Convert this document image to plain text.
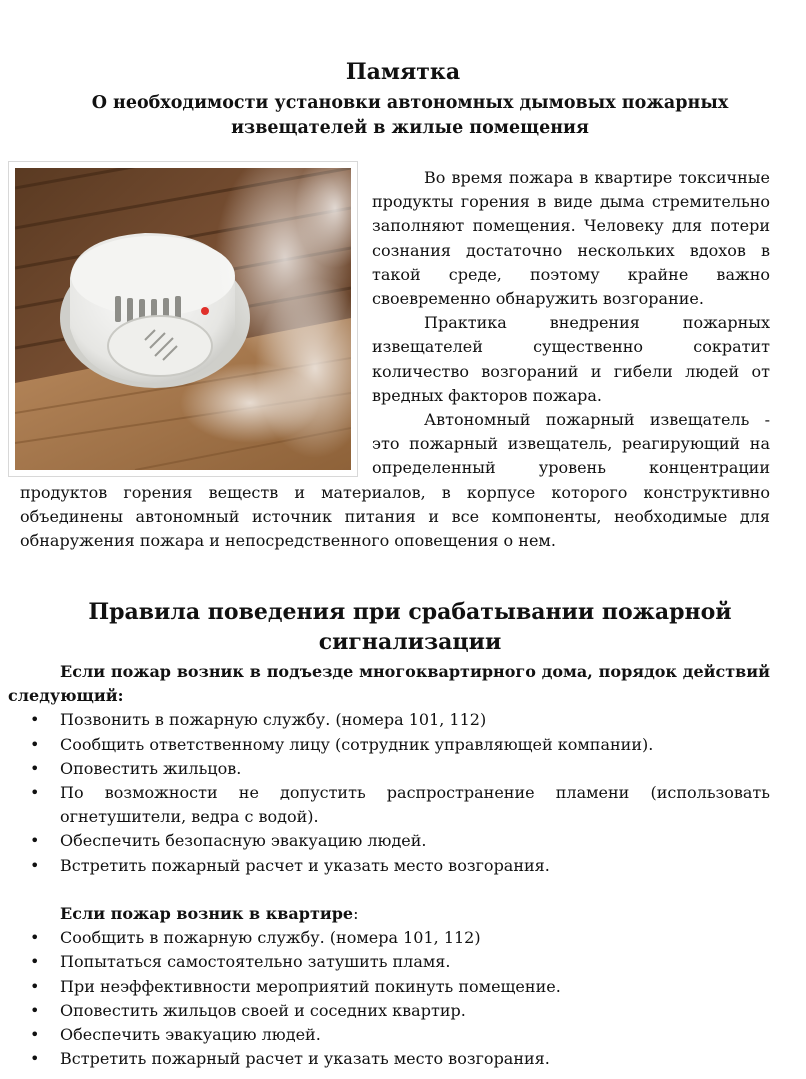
Памятка
О необходимости установки автономных дымовых пожарных извещателей в жилые помещения

Во время пожара в квартире токсичные продукты горения в виде дыма стремительно заполняют помещения. Человеку для потери сознания достаточно нескольких вдохов в такой среде, поэтому крайне важно своевременно обнаружить возгорание.

Практика внедрения пожарных извещателей существенно сократит количество возгораний и гибели людей от вредных факторов пожара.

Автономный пожарный извещатель - это пожарный извещатель, реагирующий на определенный уровень концентрации продуктов горения веществ и материалов, в корпусе которого конструктивно объединены автономный источник питания и все компоненты, необходимые для обнаружения пожара и непосредственного оповещения о нем.

Правила поведения при срабатывании пожарной сигнализации

Если пожар возник в подъезде многоквартирного дома, порядок действий следующий:

• Позвонить в пожарную службу. (номера 101, 112)
• Сообщить ответственному лицу (сотрудник управляющей компании).
• Оповестить жильцов.
• По возможности не допустить распространение пламени (использовать огнетушители, ведра с водой).
• Обеспечить безопасную эвакуацию людей.
• Встретить пожарный расчет и указать место возгорания.

Если пожар возник в квартире:

• Сообщить в пожарную службу. (номера 101, 112)
• Попытаться самостоятельно затушить пламя.
• При неэффективности мероприятий покинуть помещение.
• Оповестить жильцов своей и соседних квартир.
• Обеспечить эвакуацию людей.
• Встретить пожарный расчет и указать место возгорания.
